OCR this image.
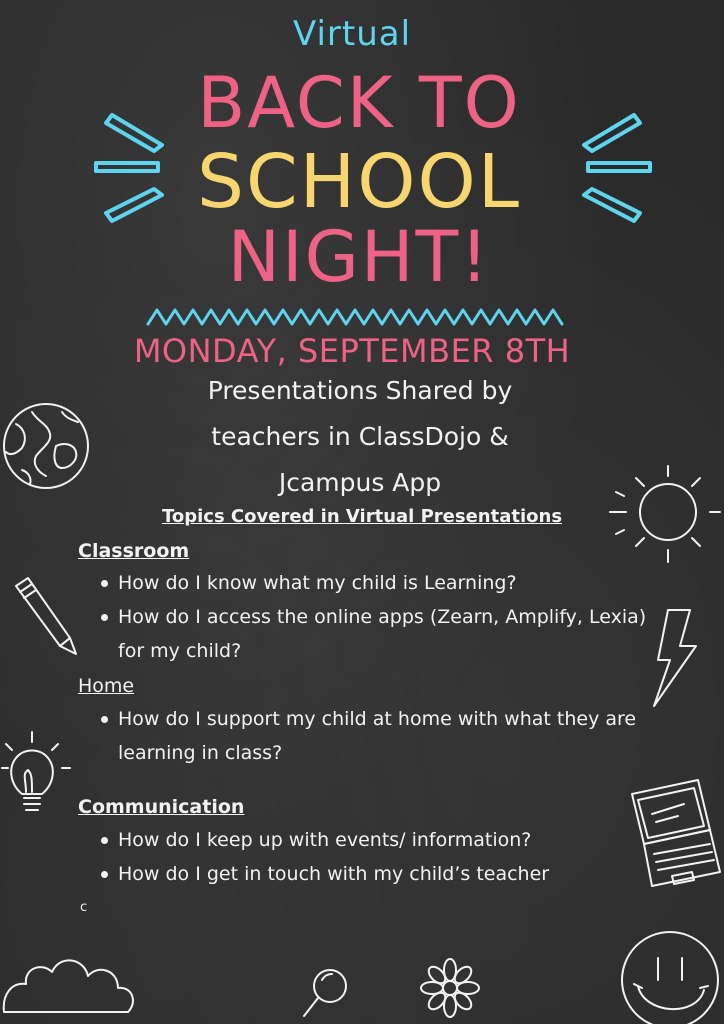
Virtual
BACK TO
SCHOOL
NIGHT!
MONDAY, SEPTEMBER 8TH
Presentations Shared by
teachers in ClassDojo &
Jcampus App
Topics Covered in Virtual Presentations
Classroom
How do I know what my child is Learning?
How do I access the online apps (Zearn, Amplify, Lexia) for my child?
Home
How do I support my child at home with what they are learning in class?
Communication
How do I keep up with events/ information?
How do I get in touch with my child’s teacher
c
